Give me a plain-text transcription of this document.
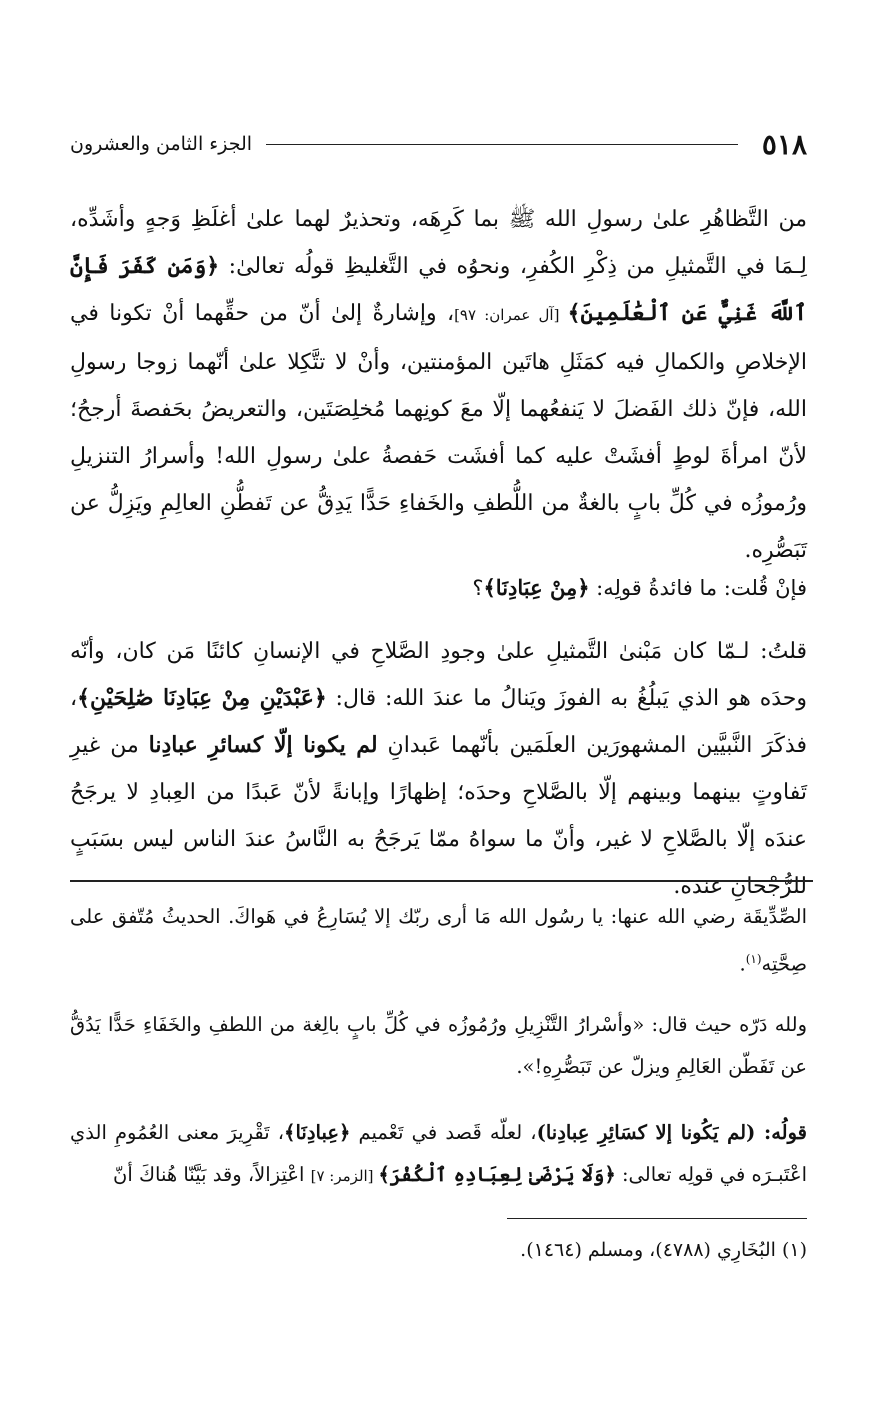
٥١٨
الجزء الثامن والعشرون
من التَّظاهُرِ علىٰ رسولِ الله ﷺ بما كَرِهَه، وتحذيرٌ لهما علىٰ أغلَظِ وَجهٍ وأشَدِّه، لِـمَا في التَّمثيلِ من ذِكْرِ الكُفرِ، ونحوُه في التَّغليظِ قولُه تعالىٰ: ﴿وَمَن كَفَرَ فَإِنَّ ٱللَّهَ غَنِيٌّ عَنِ ٱلْعَٰلَمِينَ﴾ [آل عمران: ٩٧]، وإشارةٌ إلىٰ أنّ من حقِّهما أنْ تكونا في الإخلاصِ والكمالِ فيه كمَثَلِ هاتَين المؤمنتين، وأنْ لا تتَّكِلا علىٰ أنّهما زوجا رسولِ الله، فإنّ ذلك الفَضلَ لا يَنفعُهما إلّا معَ كونِهما مُخلِصَتَين، والتعريضُ بحَفصةَ أرجحُ؛ لأنّ امرأةَ لوطٍ أفشَتْ عليه كما أفشَت حَفصةُ علىٰ رسولِ الله! وأسرارُ التنزيلِ ورُموزُه في كُلِّ بابٍ بالغةٌ من اللُّطفِ والخَفاءِ حَدًّا يَدِقُّ عن تَفطُّنِ العالِمِ ويَزِلُّ عن تَبَصُّرِه.
فإنْ قُلت: ما فائدةُ قولِه: ﴿مِنْ عِبَادِنَا﴾؟
قلتُ: لـمّا كان مَبْنىٰ التَّمثيلِ علىٰ وجودِ الصَّلاحِ في الإنسانِ كائنًا مَن كان، وأنّه وحدَه هو الذي يَبلُغُ به الفوزَ ويَنالُ ما عندَ الله: قال: ﴿عَبْدَيْنِ مِنْ عِبَادِنَا صَٰلِحَيْنِ﴾، فذكَرَ النَّبيَّين المشهورَين العلَمَين بأنّهما عَبدانِ لم يكونا إلّا كسائرِ عبادِنا من غيرِ تَفاوتٍ بينهما وبينهم إلّا بالصَّلاحِ وحدَه؛ إظهارًا وإبانةً لأنّ عَبدًا من العِبادِ لا يرجَحُ عندَه إلّا بالصَّلاحِ لا غير، وأنّ ما سواهُ ممّا يَرجَحُ به النَّاسُ عندَ الناس ليس بسَبَبٍ للرُّجْحانِ عنده.
الصِّدِّيقَة رضي الله عنها: يا رسُول الله مَا أرى ربّك إلا يُسَارِعُ في هَواكَ. الحديثُ مُتّفق على صِحَّتِه$^{(١)}$.
ولله دَرّه حيث قال: «وأسْرارُ التَّنْزِيلِ ورُمُوزُه في كُلِّ بابٍ بالِغة من اللطفِ والخَفَاءِ حَدًّا يَدُقُّ عن تَفَطّن العَالِمِ ويزلّ عن تَبَصُّرِهِ!».
قولُه: (لم يَكُونا إلا كسَائِرِ عِبادِنا)، لعلّه قَصد في تَعْميم ﴿عِبادِنَا﴾، تَقْرِيرَ معنى العُمُومِ الذي اعْتَبـرَه في قولِه تعالى: ﴿وَلَا يَرْضَىٰ لِعِبَادِهِ ٱلْكُفْرَ﴾ [الزمر: ٧] اعْتِزالاً، وقد بَيَّنّا هُناكَ أنّ
(١) البُخَارِي (٤٧٨٨)، ومسلم (١٤٦٤).
